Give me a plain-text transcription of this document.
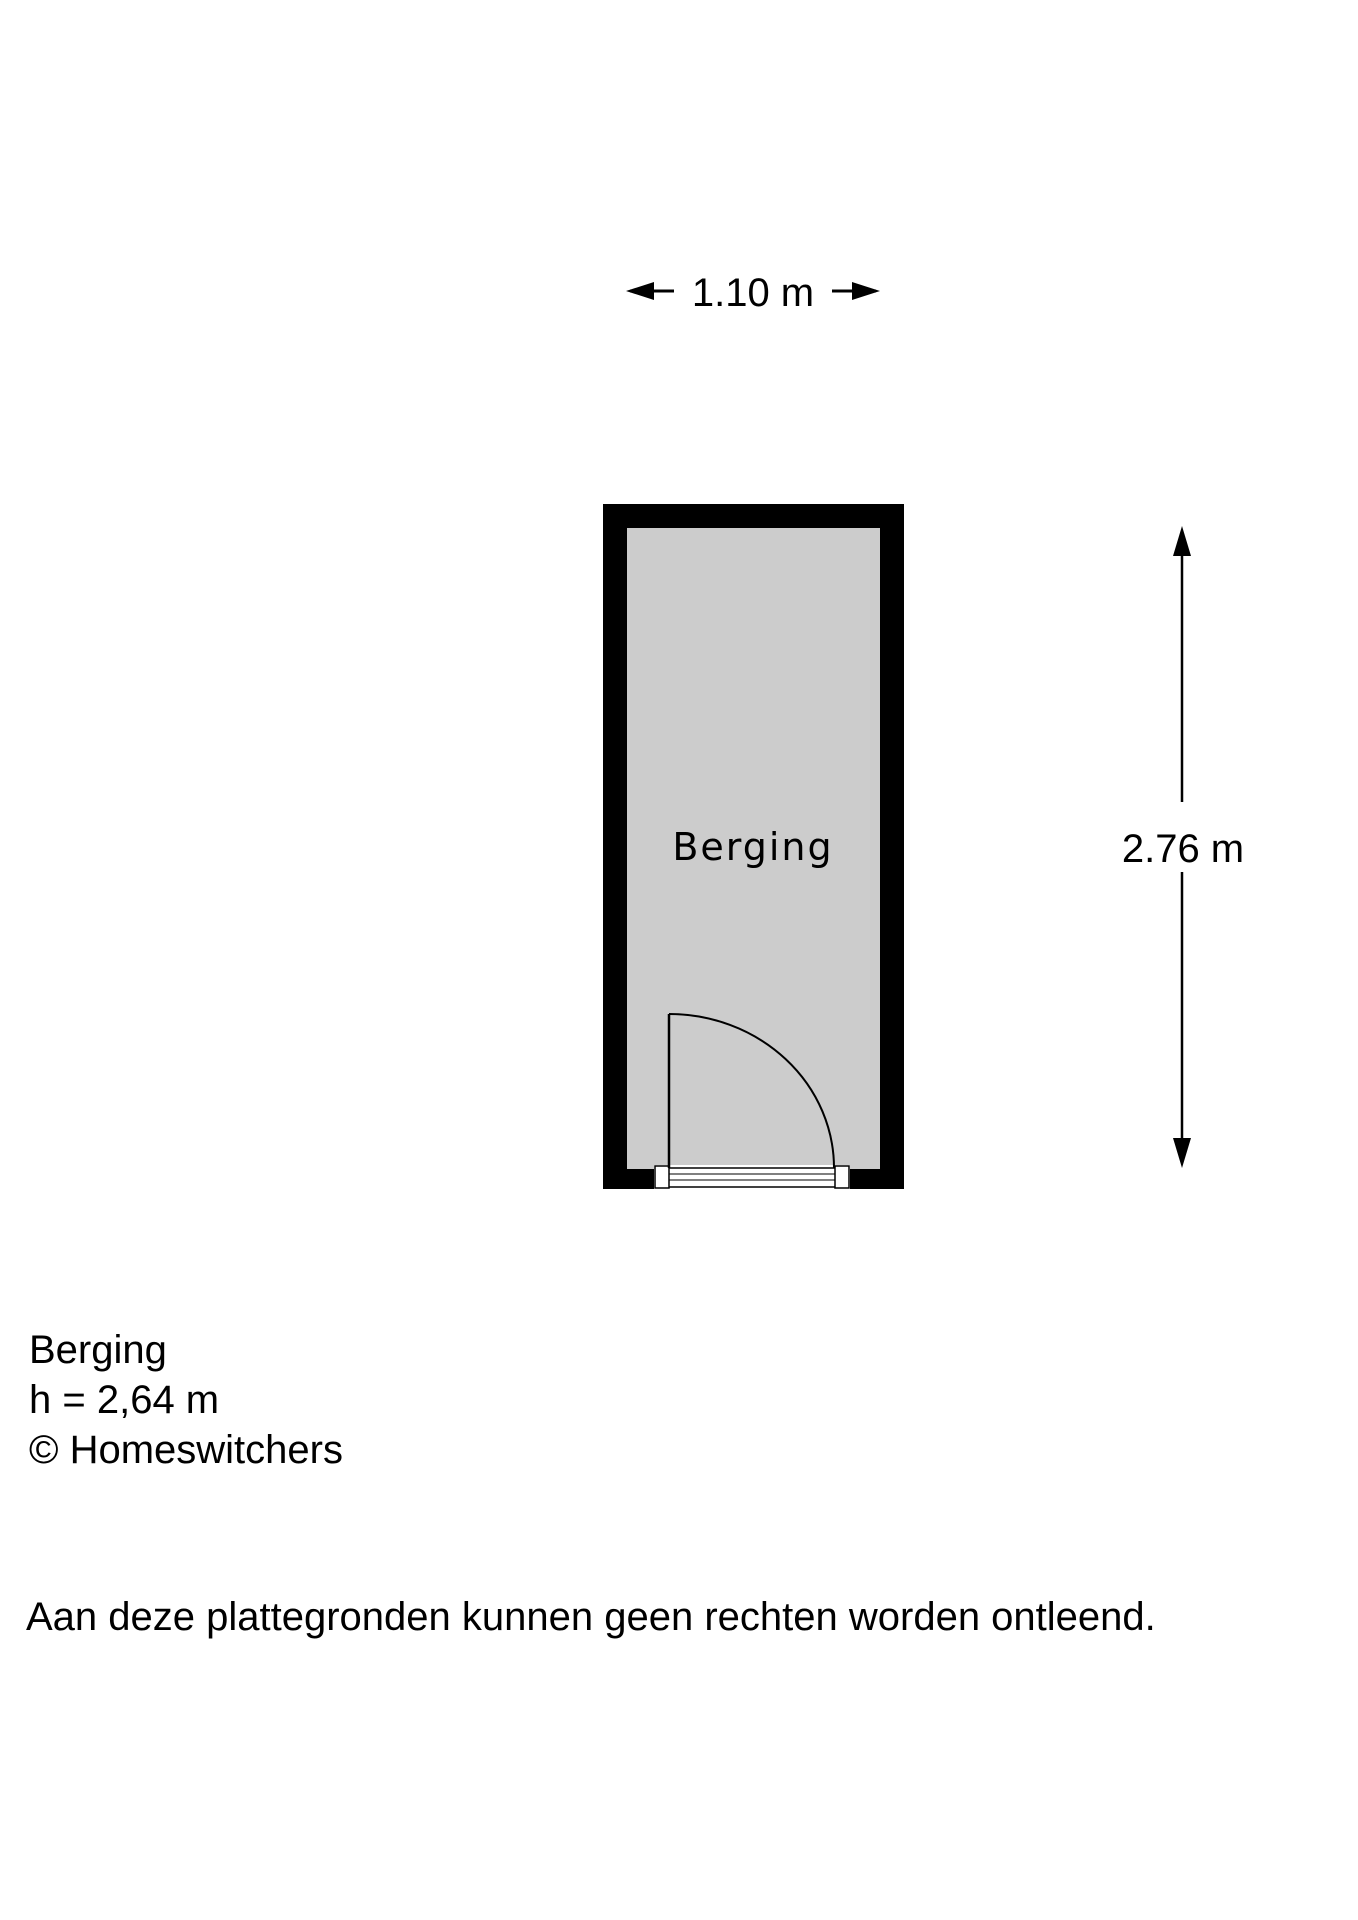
1.10 m
Berging	2.76 m
Berging
h = 2,64 m
© Homeswitchers
Aan deze plattegronden kunnen geen rechten worden ontleend.
